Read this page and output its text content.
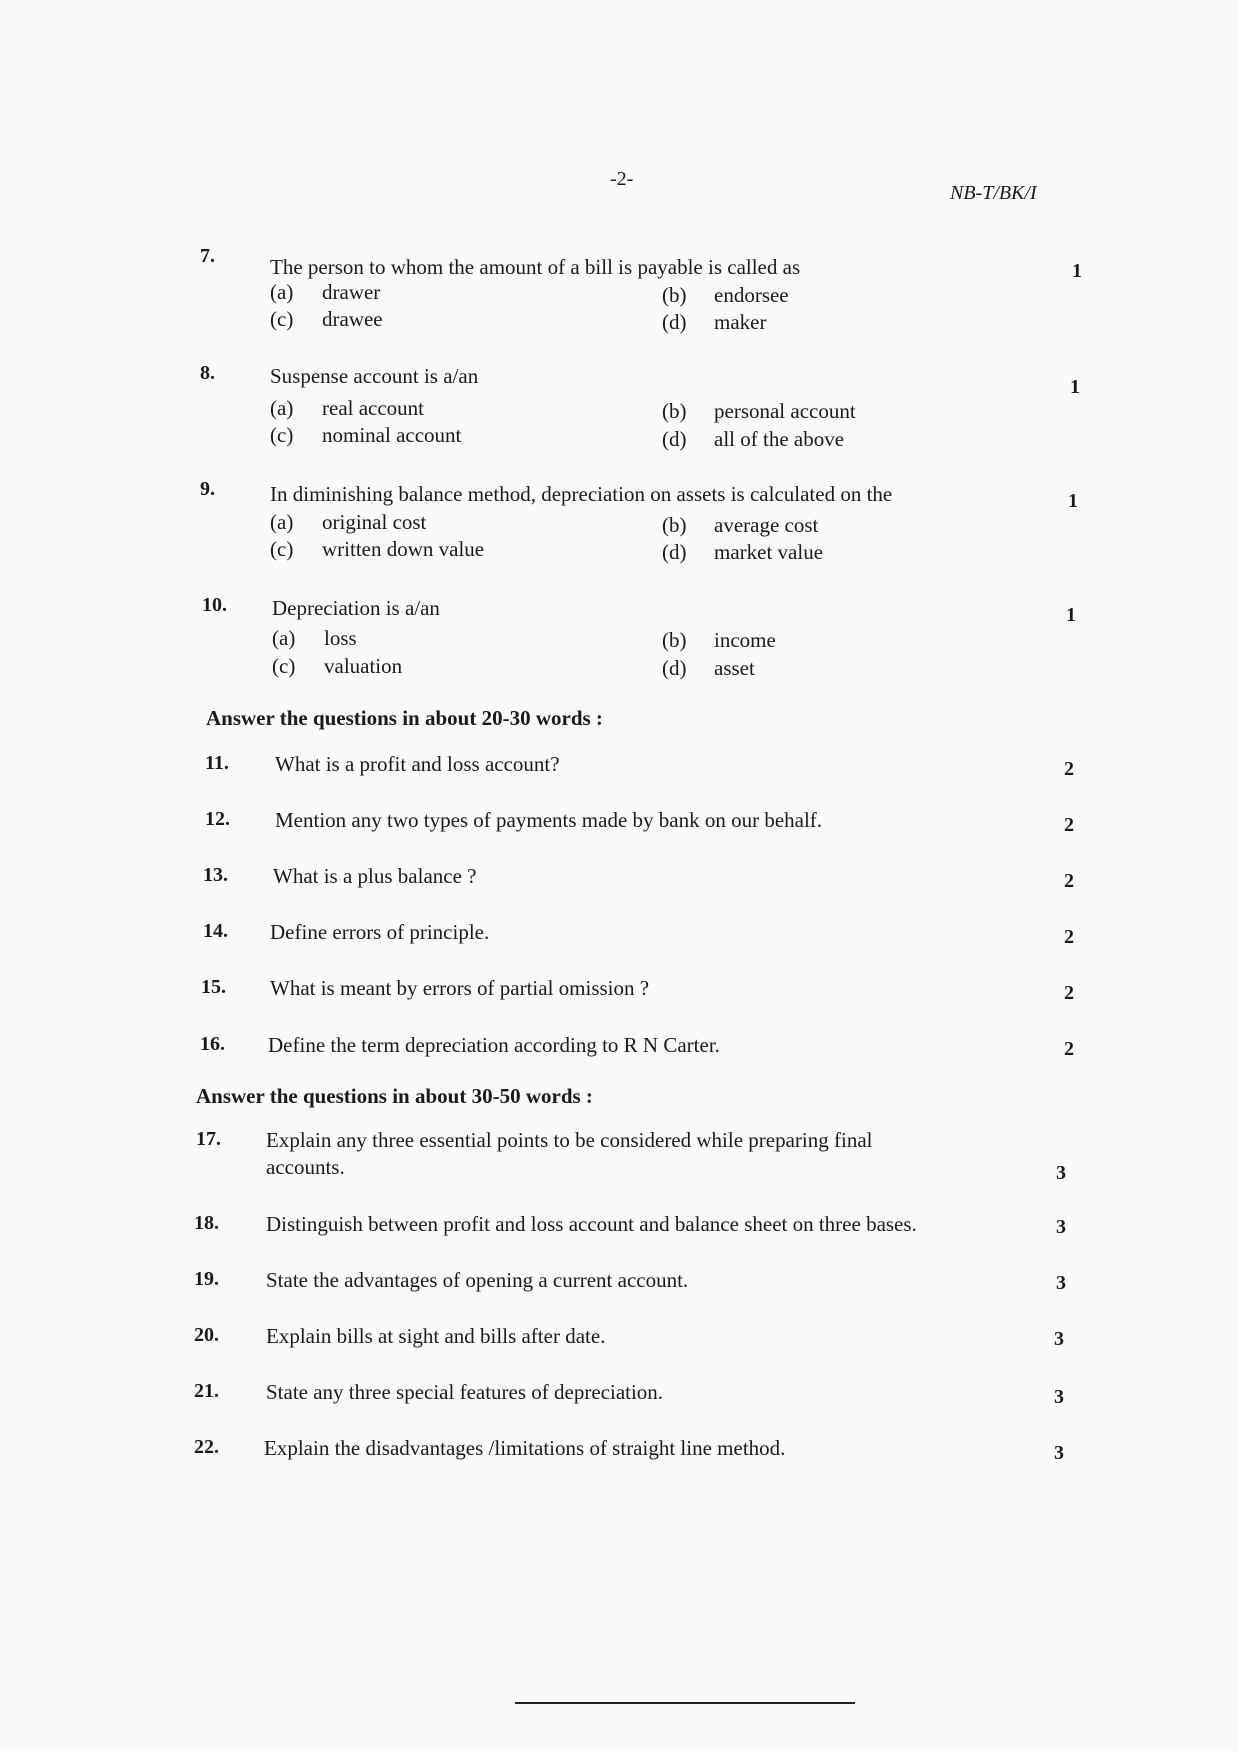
-2-
NB-T/BK/I
7.	The person to whom the amount of a bill is payable is called as	1
(a) drawer	(b) endorsee
(c) drawee	(d) maker
8.	Suspense account is a/an	1
(a) real account	(b) personal account
(c) nominal account	(d) all of the above
9.	In diminishing balance method, depreciation on assets is calculated on the	1
(a) original cost	(b) average cost
(c) written down value	(d) market value
10. Depreciation is a/an	1
(a) loss	(b) income
(c) valuation	(d) asset
Answer the questions in about 20-30 words :
11. What is a profit and loss account?	2
12. Mention any two types of payments made by bank on our behalf.	2
13. What is a plus balance ?	2
14. Define errors of principle.	2
15. What is meant by errors of partial omission ?	2
16. Define the term depreciation according to R N Carter.	2
Answer the questions in about 30-50 words :
17. Explain any three essential points to be considered while preparing final
accounts.	3
18. Distinguish between profit and loss account and balance sheet on three bases.	3
19. State the advantages of opening a current account.	3
20. Explain bills at sight and bills after date.	3
21. State any three special features of depreciation.	3
22. Explain the disadvantages /limitations of straight line method.	3
